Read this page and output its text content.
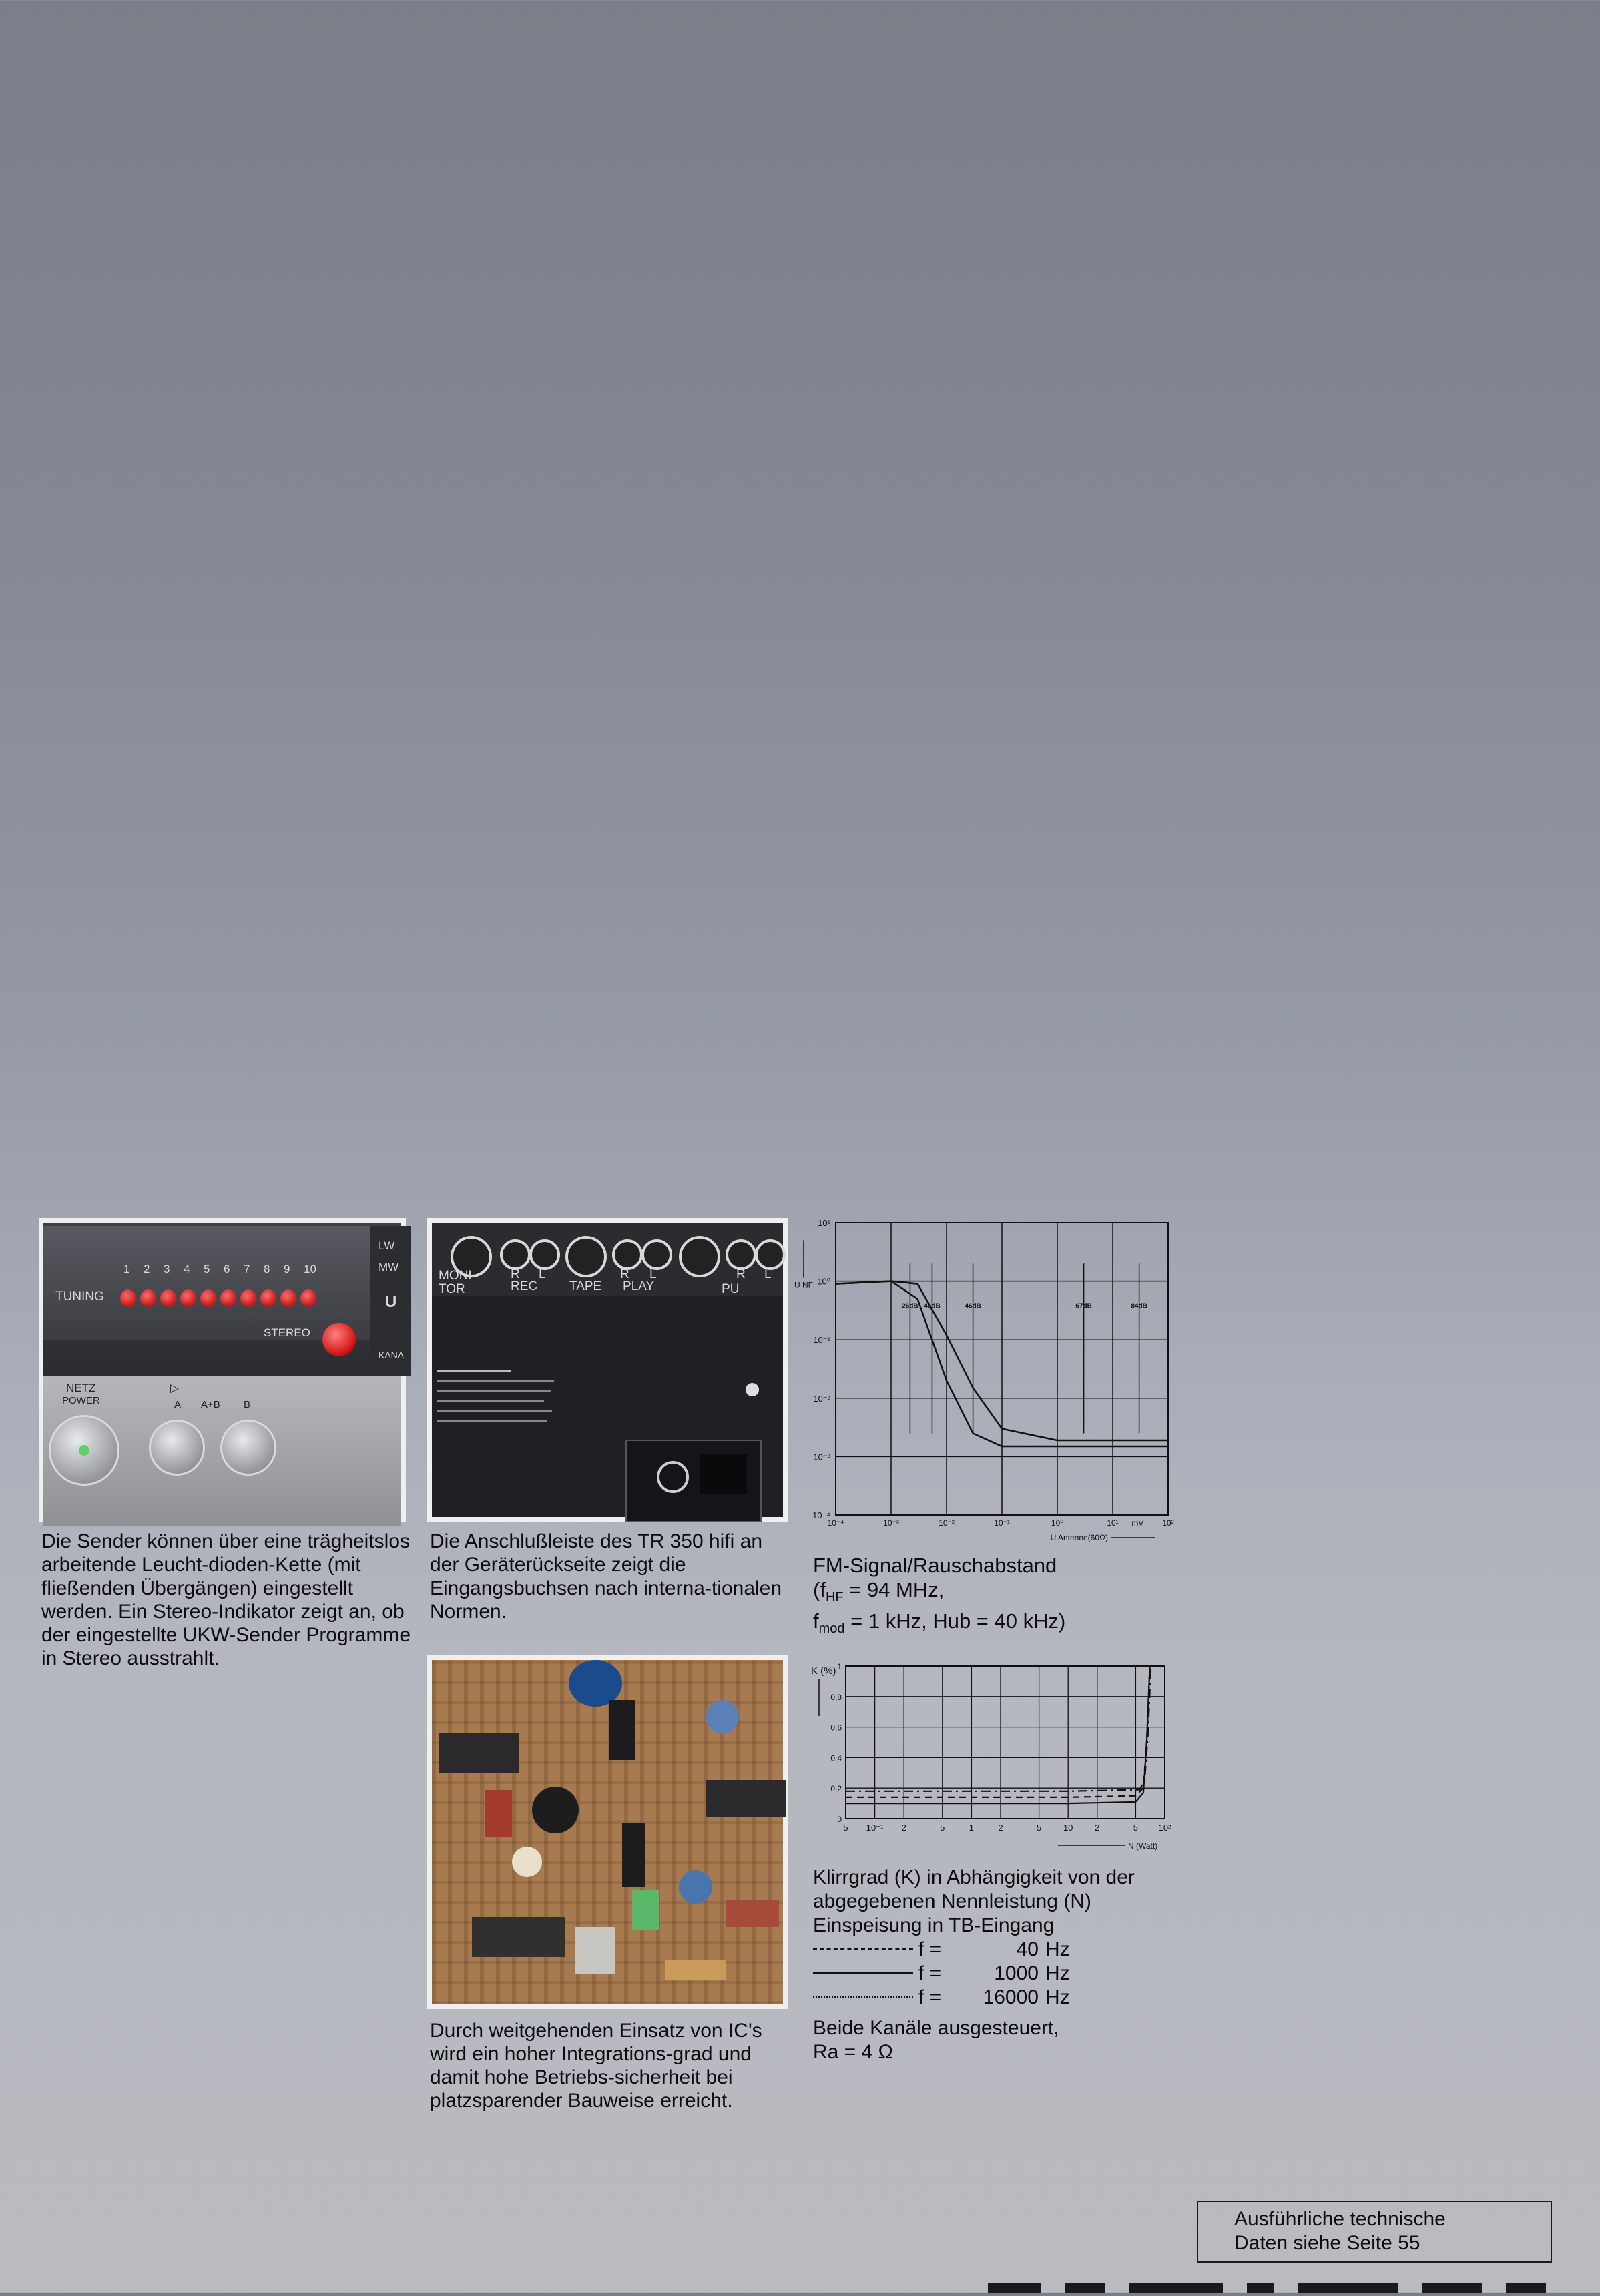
TUNING
1 2 3 4 5 6 7 8 9 10
STEREO
LW
MW
U
KANA
NETZ
POWER
▷
A A+B B
MONI-
TOR
R L
REC	TAPE
R L
PLAY
R L
PU

Die Sender können über eine trägheitslos arbeitende Leucht-dioden-Kette (mit fließenden Übergängen) eingestellt werden. Ein Stereo-Indikator zeigt an, ob der eingestellte UKW-Sender Programme in Stereo ausstrahlt.

Die Anschlußleiste des TR 350 hifi an der Geräterückseite zeigt die Eingangsbuchsen nach interna-tionalen Normen.

Durch weitgehenden Einsatz von IC's wird ein hoher Integrations-grad und damit hohe Betriebs-sicherheit bei platzsparender Bauweise erreicht.

10¹
10⁰
10⁻¹
10⁻²
10⁻³
10⁻⁴
10⁻⁴	10⁻³	10⁻²	10⁻¹	10⁰	10¹ mV 10²
U Antenne(60Ω)
U NF
26dB 46dB	46dB	67dB	84dB

FM-Signal/Rauschabstand

($f_{HF} = 94$ MHz,

$f_{mod} = 1$ kHz, Hub = 40 kHz)

0
0,2
0,4
0,6
0,8
1
5 10⁻¹ 2	5	1	2	5	10	2	5 10²
K (%)
N (Watt)

Klirrgrad (K) in Abhängigkeit von der abgegebenen Nennleistung (N) Einspeisung in TB-Eingang

f =	40 Hz
f =	1000 Hz
f =	16000 Hz

Beide Kanäle ausgesteuert,

Ra = 4 Ω

Ausführliche technische
Daten siehe Seite 55
